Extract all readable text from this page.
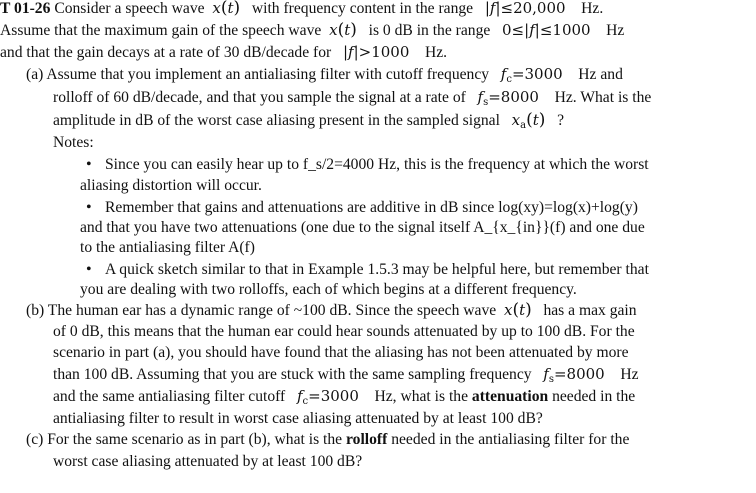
T 01-26 Consider a speech wave x(t) with frequency content in the range |f|≤20,000 Hz.
Assume that the maximum gain of the speech wave x(t) is 0 dB in the range 0≤|f|≤1000 Hz
and that the gain decays at a rate of 30 dB/decade for |f|>1000 Hz.
(a) Assume that you implement an antialiasing filter with cutoff frequency $f_c=3000$ Hz and
rolloff of 60 dB/decade, and that you sample the signal at a rate of $f_s=8000$ Hz. What is the
amplitude in dB of the worst case aliasing present in the sampled signal $x_a(t)$ ?
Notes:
• Since you can easily hear up to f_s/2=4000 Hz, this is the frequency at which the worst
aliasing distortion will occur.
• Remember that gains and attenuations are additive in dB since log(xy)=log(x)+log(y)
and that you have two attenuations (one due to the signal itself A_{x_{in}}(f) and one due
to the antialiasing filter A(f)
• A quick sketch similar to that in Example 1.5.3 may be helpful here, but remember that
you are dealing with two rolloffs, each of which begins at a different frequency.
(b) The human ear has a dynamic range of ~100 dB. Since the speech wave x(t) has a max gain
of 0 dB, this means that the human ear could hear sounds attenuated by up to 100 dB. For the
scenario in part (a), you should have found that the aliasing has not been attenuated by more
than 100 dB. Assuming that you are stuck with the same sampling frequency $f_s=8000$ Hz
and the same antialiasing filter cutoff $f_c=3000$ Hz, what is the attenuation needed in the
antialiasing filter to result in worst case aliasing attenuated by at least 100 dB?
(c) For the same scenario as in part (b), what is the rolloff needed in the antialiasing filter for the
worst case aliasing attenuated by at least 100 dB?
